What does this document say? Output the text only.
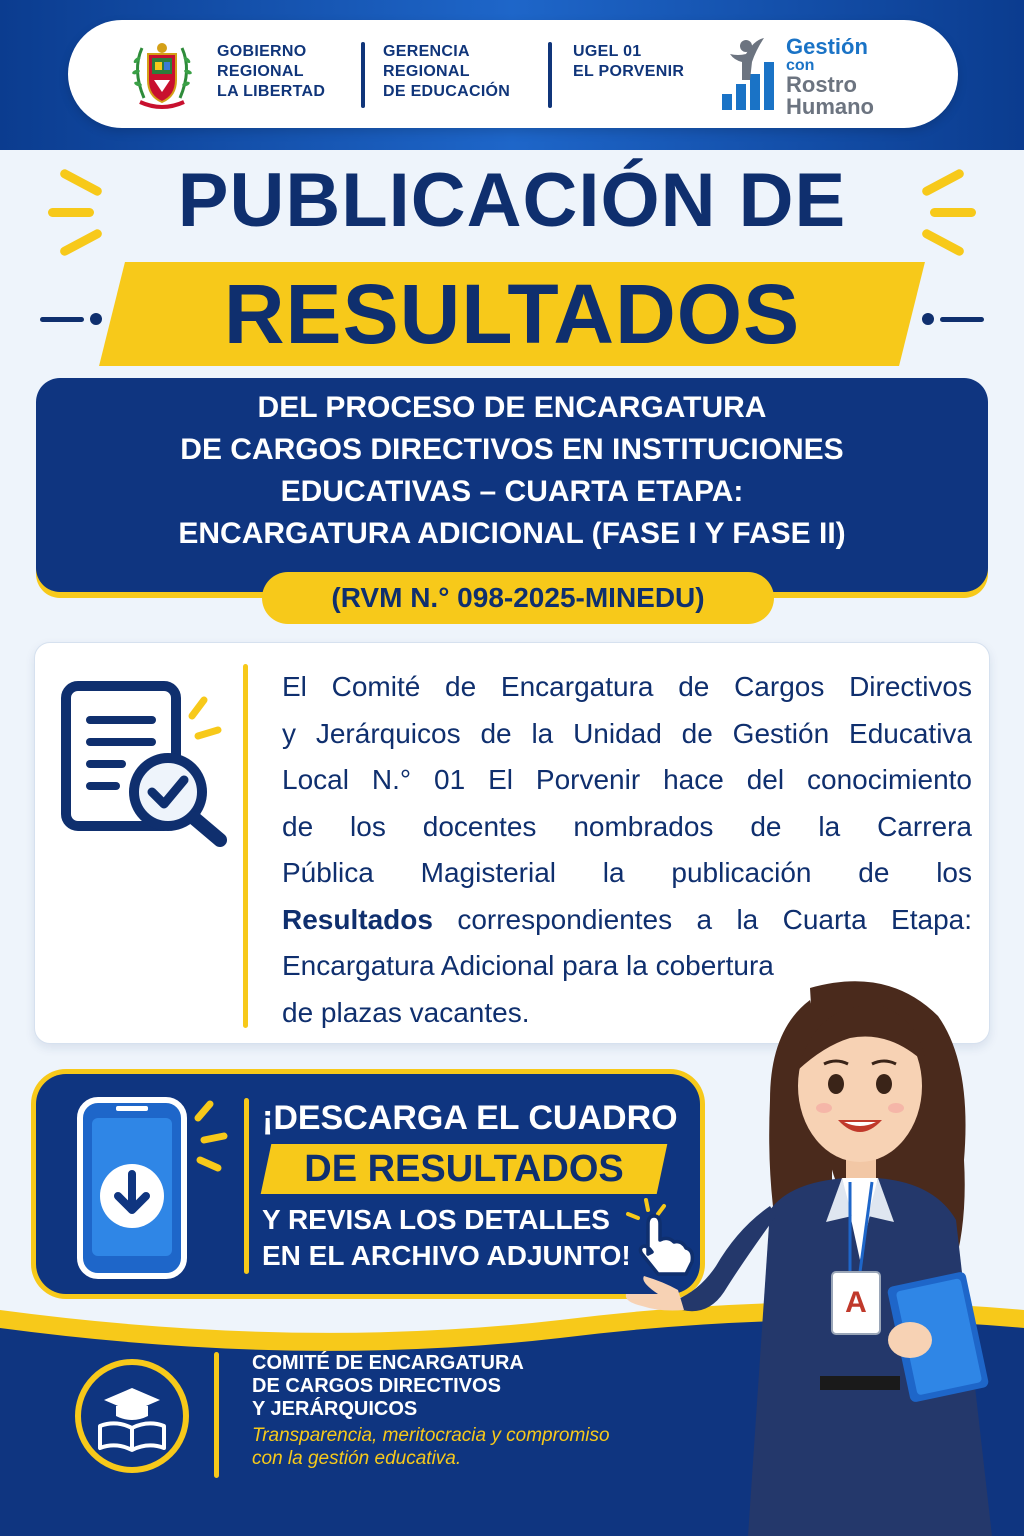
GOBIERNO
REGIONAL
LA LIBERTAD
GERENCIA
REGIONAL
DE EDUCACIÓN
UGEL 01
EL PORVENIR
Gestión
con
Rostro
Humano
PUBLICACIÓN DE
RESULTADOS
DEL PROCESO DE ENCARGATURA
DE CARGOS DIRECTIVOS EN INSTITUCIONES
EDUCATIVAS – CUARTA ETAPA:
ENCARGATURA ADICIONAL (FASE I Y FASE II)
(RVM N.° 098-2025-MINEDU)
El Comité de Encargatura de Cargos Directivos
y Jerárquicos de la Unidad de Gestión Educativa
Local N.° 01 El Porvenir hace del conocimiento
de los docentes nombrados de la Carrera
Pública Magisterial la publicación de los
Resultados correspondientes a la Cuarta Etapa:
Encargatura Adicional para la cobertura
de plazas vacantes.
¡DESCARGA EL CUADRO
DE RESULTADOS
Y REVISA LOS DETALLES
EN EL ARCHIVO ADJUNTO!
COMITÉ DE ENCARGATURA
DE CARGOS DIRECTIVOS
Y JERÁRQUICOS
Transparencia, meritocracia y compromiso
con la gestión educativa.
A
